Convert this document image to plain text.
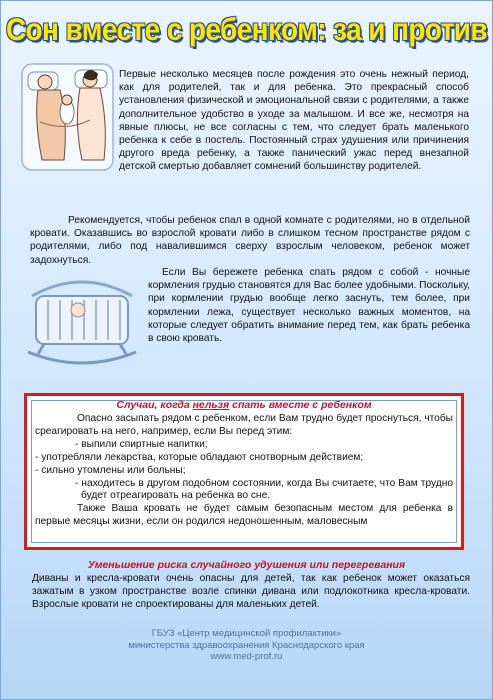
Сон вместе с ребенком: за и против
Первые несколько месяцев после рождения это очень нежный период, как для родителей, так и для ребенка. Это прекрасный способ установления физической и эмоциональной связи с родителями, а также дополнительное удобство в уходе за малышом. И все же, несмотря на явные плюсы, не все согласны с тем, что следует брать маленького ребенка к себе в постель. Постоянный страх удушения или причинения другого вреда ребенку, а также панический ужас перед внезапной детской смертью добавляет сомнений большинству родителей.
Рекомендуется, чтобы ребенок спал в одной комнате с родителями, но в отдельной кровати. Оказавшись во взрослой кровати либо в слишком тесном пространстве рядом с родителями, либо под навалившимся сверху взрослым человеком, ребенок может задохнуться.
Если Вы бережете ребенка спать рядом с собой - ночные кормления грудью становятся для Вас более удобными. Поскольку, при кормлении грудью вообще легко заснуть, тем более, при кормлении лежа, существует несколько важных моментов, на которые следует обратить внимание перед тем, как брать ребенка в свою кровать.
Случаи, когда нельзя спать вместе с ребенком

Опасно засыпать рядом с ребенком, если Вам трудно будет проснуться, чтобы среагировать на него, например, если Вы перед этим:

- выпили спиртные напитки;

- употребляли лекарства, которые обладают снотворным действием;

- сильно утомлены или больны;

- находитесь в другом подобном состоянии, когда Вы считаете, что Вам трудно будет отреагировать на ребенка во сне.

Также Ваша кровать не будет самым безопасным местом для ребенка в первые месяцы жизни, если он родился недоношенным, маловесным

Уменьшение риска случайного удушения или перегревания
Диваны и кресла-кровати очень опасны для детей, так как ребенок может оказаться зажатым в узком пространстве возле спинки дивана или подлокотника кресла-кровати. Взрослые кровати не спроектированы для маленьких детей.
ГБУЗ «Центр медицинской профилактики»
министерства здравоохранения Краснодарского края
www.med-prof.ru
